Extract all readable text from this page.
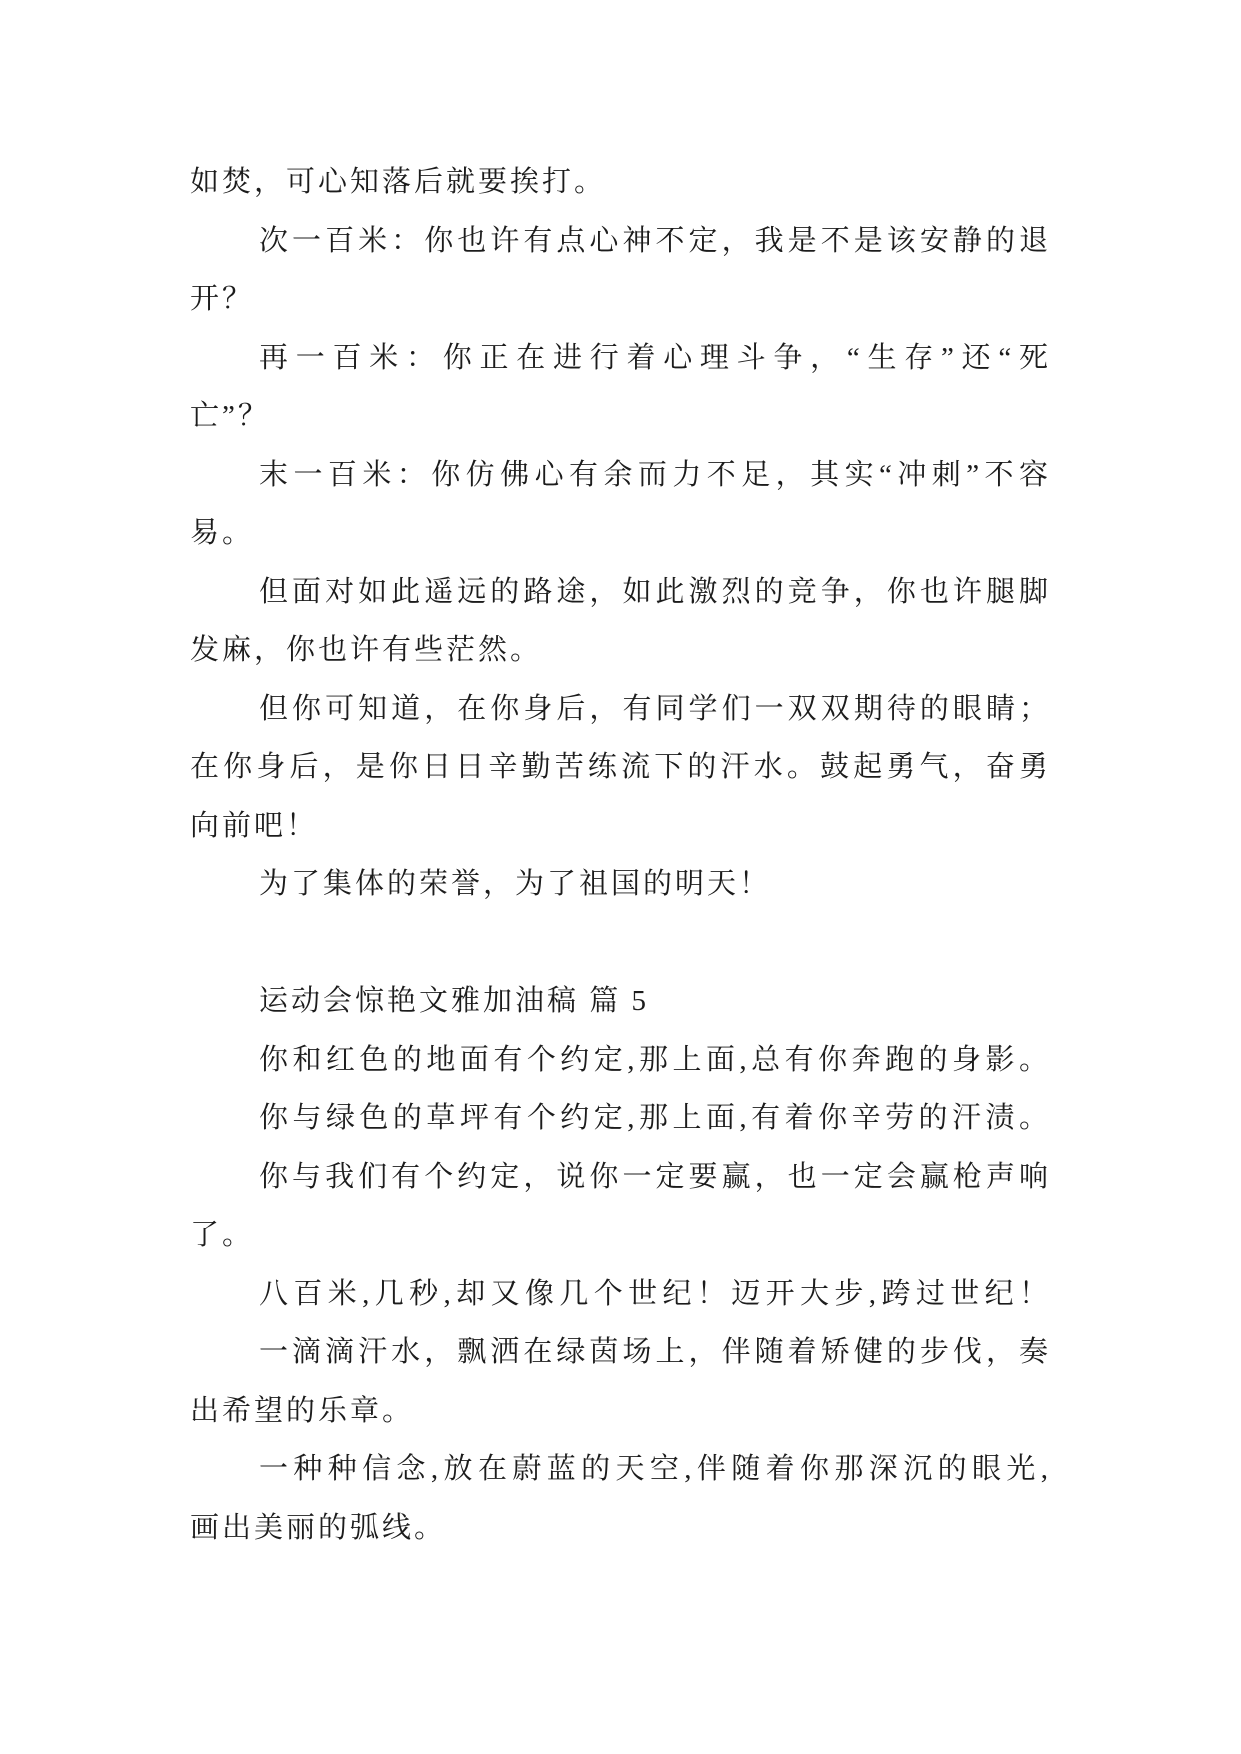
如焚，可心知落后就要挨打。
次一百米：你也许有点心神不定，我是不是该安静的退
开？
再一百米：你正在进行着心理斗争，“生存”还“死
亡”？
末一百米：你仿佛心有余而力不足，其实“冲刺”不容
易。
但面对如此遥远的路途，如此激烈的竞争，你也许腿脚
发麻，你也许有些茫然。
但你可知道，在你身后，有同学们一双双期待的眼睛；
在你身后，是你日日辛勤苦练流下的汗水。鼓起勇气，奋勇
向前吧！
为了集体的荣誉，为了祖国的明天！
运动会惊艳文雅加油稿 篇 5
你和红色的地面有个约定,那上面,总有你奔跑的身影。
你与绿色的草坪有个约定,那上面,有着你辛劳的汗渍。
你与我们有个约定，说你一定要赢，也一定会赢枪声响
了。
八百米,几秒,却又像几个世纪！迈开大步,跨过世纪！
一滴滴汗水，飘洒在绿茵场上，伴随着矫健的步伐，奏
出希望的乐章。
一种种信念,放在蔚蓝的天空,伴随着你那深沉的眼光,
画出美丽的弧线。
